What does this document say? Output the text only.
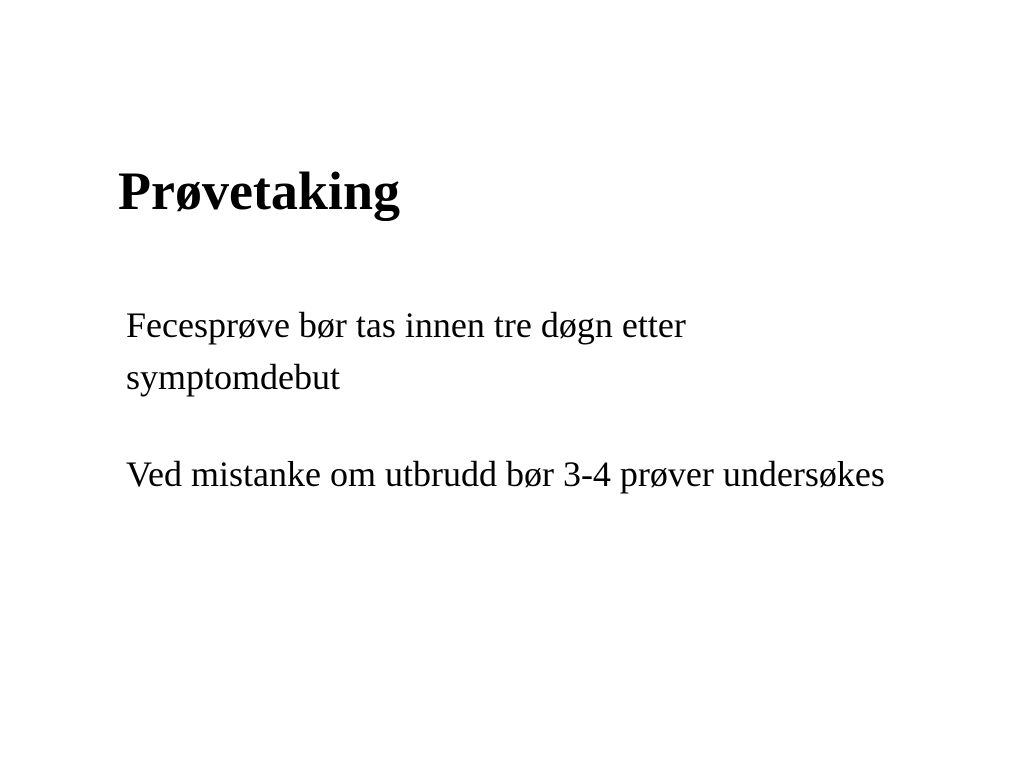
Prøvetaking
Fecesprøve bør tas innen tre døgn etter symptomdebut
Ved mistanke om utbrudd bør 3-4 prøver undersøkes
